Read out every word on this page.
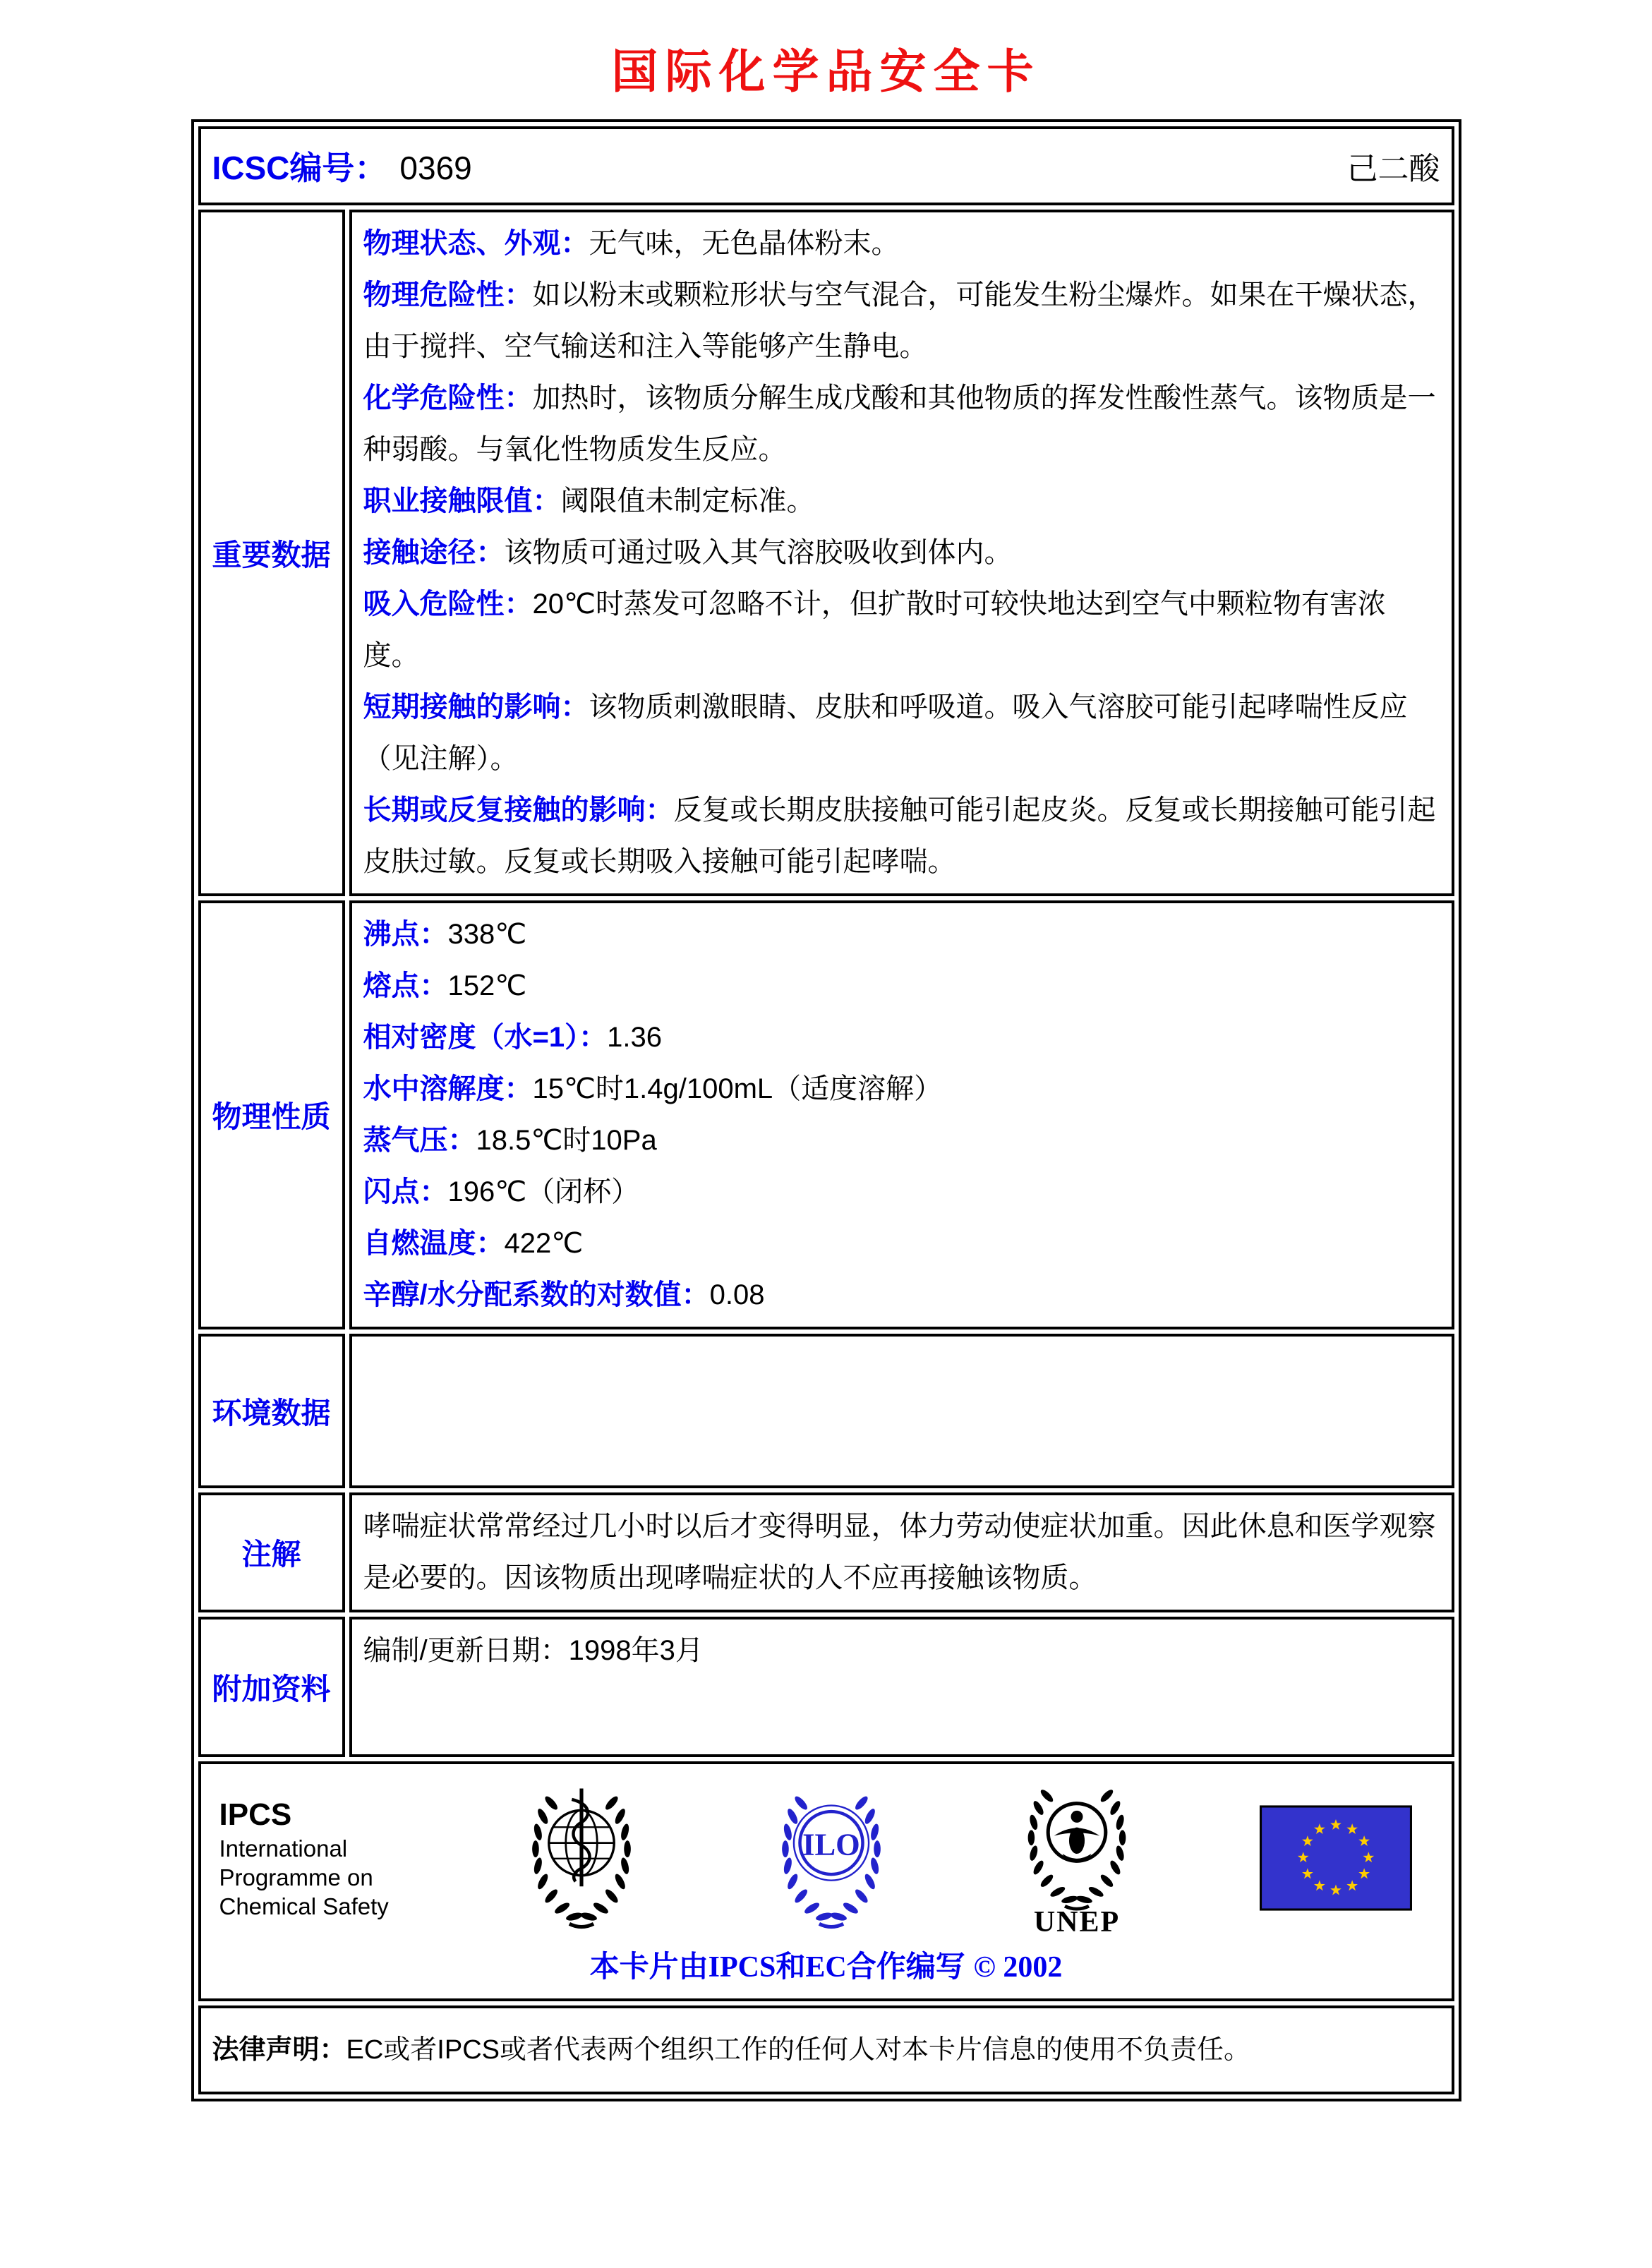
国际化学品安全卡
ICSC编号： 0369 己二酸	

重要数据	
物理状态、外观：无气味，无色晶体粉末。
物理危险性：如以粉末或颗粒形状与空气混合，可能发生粉尘爆炸。如果在干燥状态，由于搅拌、空气输送和注入等能够产生静电。
化学危险性：加热时，该物质分解生成戊酸和其他物质的挥发性酸性蒸气。该物质是一种弱酸。与氧化性物质发生反应。
职业接触限值：阈限值未制定标准。
接触途径：该物质可通过吸入其气溶胶吸收到体内。
吸入危险性：20℃时蒸发可忽略不计，但扩散时可较快地达到空气中颗粒物有害浓度。
短期接触的影响：该物质刺激眼睛、皮肤和呼吸道。吸入气溶胶可能引起哮喘性反应（见注解）。
长期或反复接触的影响：反复或长期皮肤接触可能引起皮炎。反复或长期接触可能引起皮肤过敏。反复或长期吸入接触可能引起哮喘。

物理性质	
沸点：338℃
熔点：152℃
相对密度（水=1）：1.36
水中溶解度：15℃时1.4g/100mL（适度溶解）
蒸气压：18.5℃时10Pa
闪点：196℃（闭杯）
自燃温度：422℃
辛醇/水分配系数的对数值：0.08

环境数据	
注解	哮喘症状常常经过几小时以后才变得明显，体力劳动使症状加重。因此休息和医学观察是必要的。因该物质出现哮喘症状的人不应再接触该物质。
附加资料	编制/更新日期：1998年3月

IPCS
International
Programme on
Chemical Safety
ILO
UNEP
本卡片由IPCS和EC合作编写 © 2002

法律声明：EC或者IPCS或者代表两个组织工作的任何人对本卡片信息的使用不负责任。	
